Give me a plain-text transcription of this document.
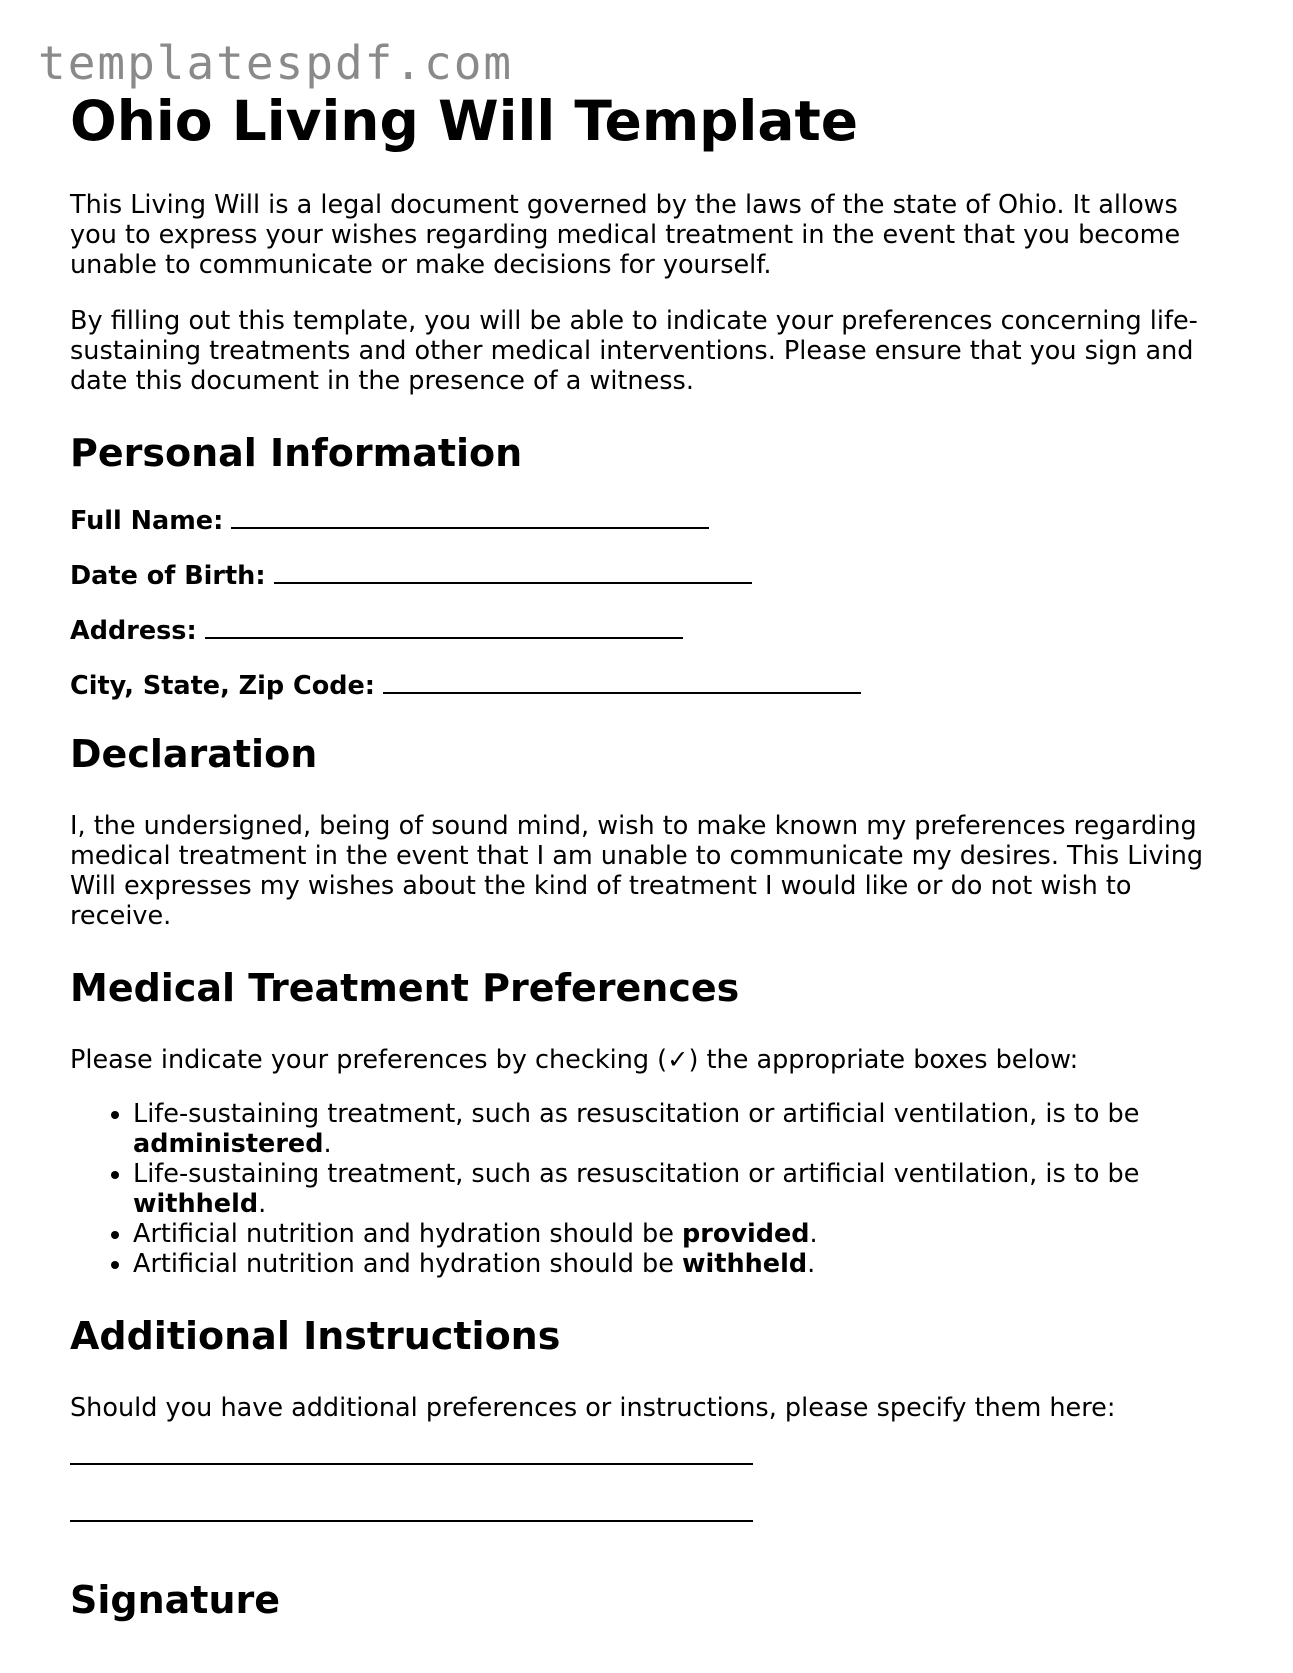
templatespdf.com
Ohio Living Will Template

This Living Will is a legal document governed by the laws of the state of Ohio. It allows you to express your wishes regarding medical treatment in the event that you become unable to communicate or make decisions for yourself.

By filling out this template, you will be able to indicate your preferences concerning life-sustaining treatments and other medical interventions. Please ensure that you sign and date this document in the presence of a witness.

Personal Information
Full Name:
Date of Birth:
Address:
City, State, Zip Code:
Declaration

I, the undersigned, being of sound mind, wish to make known my preferences regarding medical treatment in the event that I am unable to communicate my desires. This Living Will expresses my wishes about the kind of treatment I would like or do not wish to receive.

Medical Treatment Preferences

Please indicate your preferences by checking (✓) the appropriate boxes below:

• Life-sustaining treatment, such as resuscitation or artificial ventilation, is to be administered.
• Life-sustaining treatment, such as resuscitation or artificial ventilation, is to be withheld.
• Artificial nutrition and hydration should be provided.
• Artificial nutrition and hydration should be withheld.
Additional Instructions

Should you have additional preferences or instructions, please specify them here:

Signature
